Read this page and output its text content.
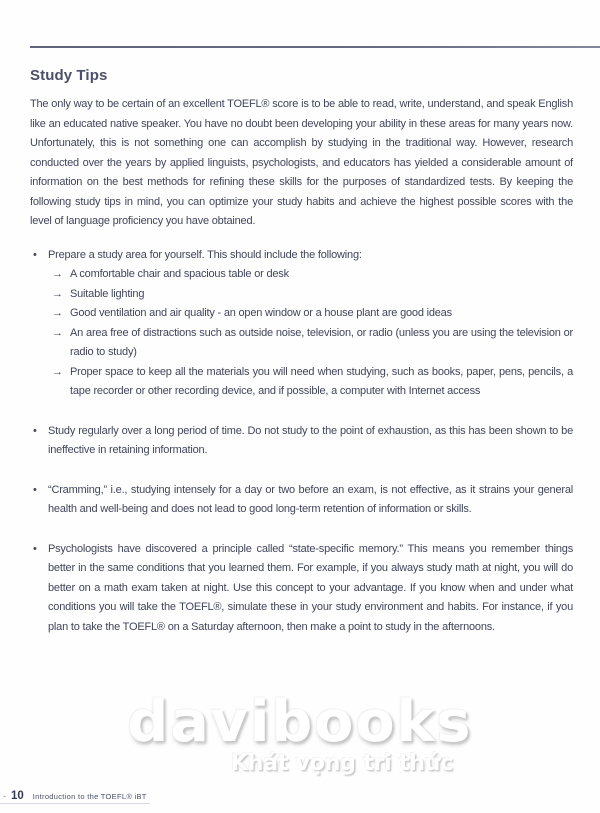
Study Tips
The only way to be certain of an excellent TOEFL® score is to be able to read, write, understand, and speak English like an educated native speaker. You have no doubt been developing your ability in these areas for many years now. Unfortunately, this is not something one can accomplish by studying in the traditional way. However, research conducted over the years by applied linguists, psychologists, and educators has yielded a considerable amount of information on the best methods for refining these skills for the purposes of standardized tests. By keeping the following study tips in mind, you can optimize your study habits and achieve the highest possible scores with the level of language proficiency you have obtained.
•	Prepare a study area for yourself. This should include the following:
→ A comfortable chair and spacious table or desk
→ Suitable lighting
→ Good ventilation and air quality - an open window or a house plant are good ideas
→ An area free of distractions such as outside noise, television, or radio (unless you are using the television or radio to study)
→ Proper space to keep all the materials you will need when studying, such as books, paper, pens, pencils, a tape recorder or other recording device, and if possible, a computer with Internet access
•	Study regularly over a long period of time. Do not study to the point of exhaustion, as this has been shown to be ineffective in retaining information.
•	“Cramming,” i.e., studying intensely for a day or two before an exam, is not effective, as it strains your general health and well-being and does not lead to good long-term retention of information or skills.
•	Psychologists have discovered a principle called “state-specific memory.” This means you remember things better in the same conditions that you learned them. For example, if you always study math at night, you will do better on a math exam taken at night. Use this concept to your advantage. If you know when and under what conditions you will take the TOEFL®, simulate these in your study environment and habits. For instance, if you plan to take the TOEFL® on a Saturday afternoon, then make a point to study in the afternoons.
davibooks
Khát vọng tri thức
- 10 Introduction to the TOEFL® iBT
